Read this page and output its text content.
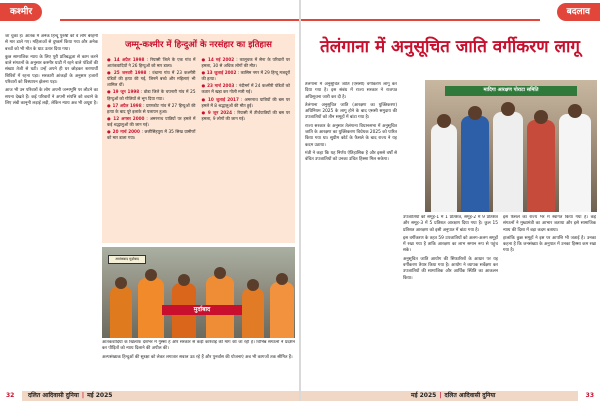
कश्मीर

जा चुका है। आतंक में अनेक हिन्दू पुरुषों को वे लोग बेरहमी से मार डाले गए। महिलाओं से दुष्कर्म किया गया और अनेक बच्चों को भी मौत के घाट उतार दिया गया।

कुछ सामाजिक न्याय के लिए पूरी प्रतिबद्धता से काम करने वाले संगठनों के अनुसार कश्मीर घाटी में रहने वाले पंडितों की संख्या तेजी से घटी। उन्हें अपने ही घर छोड़कर शरणार्थी शिविरों में रहना पड़ा। सरकारी आंकड़ों के अनुसार हजारों परिवारों को विस्थापन झेलना पड़ा।

आज भी उन परिवारों के लोग अपनी जन्मभूमि पर लौटने का सपना देखते हैं। कई परिवारों ने अपनी संपत्ति को बचाने के लिए लंबी कानूनी लड़ाई लड़ी, लेकिन न्याय अब भी अधूरा है।

जम्मू-कश्मीर में हिन्दुओं के नरसंहार का इतिहास

● 14 अप्रैल 1998 : रियासी जिले के एक गांव में आतंकवादियों ने 26 हिन्दुओं को मार डाला।

● 25 जनवरी 1998 : वंधामा गांव में 23 कश्मीरी पंडितों की हत्या की गई, जिनमें बच्चे और महिलाएं भी शामिल थीं।

● 19 जून 1998 : डोडा जिले के चपनारी गांव में 25 हिन्दुओं को गोलियों से भून दिया गया।

● 17 अप्रैल 1998 : प्राणकोट गांव में 27 हिन्दुओं की हत्या के बाद पूरे इलाके से पलायन हुआ।

● 12 अगस्त 2000 : अमरनाथ यात्रियों पर हमले में कई श्रद्धालुओं की जान गई।

● 20 मार्च 2000 : छत्तीसिंहपुरा में 35 सिख ग्रामीणों को मार डाला गया।

● 14 मई 2002 : कालूचक में सेना के परिवारों पर हमला, 30 से अधिक लोगों की मौत।

● 13 जुलाई 2002 : कासिम नगर में 29 हिन्दू मजदूरों की हत्या।

● 23 मार्च 2003 : नंदीमर्ग में 24 कश्मीरी पंडितों को कतार में खड़ा कर गोली मारी गई।

● 10 जुलाई 2017 : अमरनाथ यात्रियों की बस पर हमले में 8 श्रद्धालुओं की मौत हुई।

● 9 जून 2024 : रियासी में तीर्थयात्रियों की बस पर हमला, 9 लोगों की जान गई।

मुर्दाबाद
आतंकवाद मुर्दाबाद

आतंकवादियों के खिलाफ देशभर में गुस्सा है और सरकार से कड़ी कार्रवाई की मांग की जा रही है। विभिन्न संगठनों ने प्रदर्शन कर पीड़ितों को न्याय दिलाने की अपील की।

अल्पसंख्यक हिन्दुओं की सुरक्षा को लेकर लगातार सवाल उठ रहे हैं और पुनर्वास की योजनाएं अब भी कागजों तक सीमित हैं।

32 दलित आदिवासी दुनिया | मई 2025
बदलाव
तेलंगाना में अनुसूचित जाति वर्गीकरण लागू

तेलंगाना में अनुसूचित जाति (एससी) वर्गीकरण लागू कर दिया गया है। इस संबंध में राज्य सरकार ने राजपत्र अधिसूचना जारी कर दी है।

तेलंगाना अनुसूचित जाति (आरक्षण का युक्तिकरण) अधिनियम 2025 के लागू होने के बाद एससी समुदाय की उपजातियों को तीन समूहों में बांटा गया है।

राज्य सरकार के अनुसार तेलंगाना विधानसभा में अनुसूचित जाति के आरक्षण का युक्तिकरण विधेयक 2025 को पारित किया गया था। सुप्रीम कोर्ट के फैसले के बाद राज्य ने यह कदम उठाया।

मंत्री ने कहा कि यह निर्णय ऐतिहासिक है और इससे वर्षों से वंचित उपजातियों को उनका उचित हिस्सा मिल सकेगा।

उपजातियों को समूह-1 में 1 प्रतिशत, समूह-2 में 9 प्रतिशत और समूह-3 में 5 प्रतिशत आरक्षण दिया गया है। कुल 15 प्रतिशत आरक्षण को इसी अनुपात में बांटा गया है।

इस वर्गीकरण के तहत 59 उपजातियों को अलग-अलग समूहों में रखा गया है ताकि आरक्षण का लाभ समान रूप से पहुंच सके।

अनुसूचित जाति आयोग की सिफारिशों के आधार पर यह वर्गीकरण तैयार किया गया है। आयोग ने व्यापक सर्वेक्षण कर उपजातियों की सामाजिक और आर्थिक स्थिति का आकलन किया।

इस फैसले का राज्य भर में स्वागत किया गया है। कई संगठनों ने मुख्यमंत्री का आभार जताया और इसे सामाजिक न्याय की दिशा में बड़ा कदम बताया।

हालांकि कुछ समूहों ने इस पर आपत्ति भी जताई है। उनका कहना है कि जनसंख्या के अनुपात में उनका हिस्सा कम रखा गया है।

मादिगा आरक्षण पोराटा समिति
मई 2025 | दलित आदिवासी दुनिया	33
